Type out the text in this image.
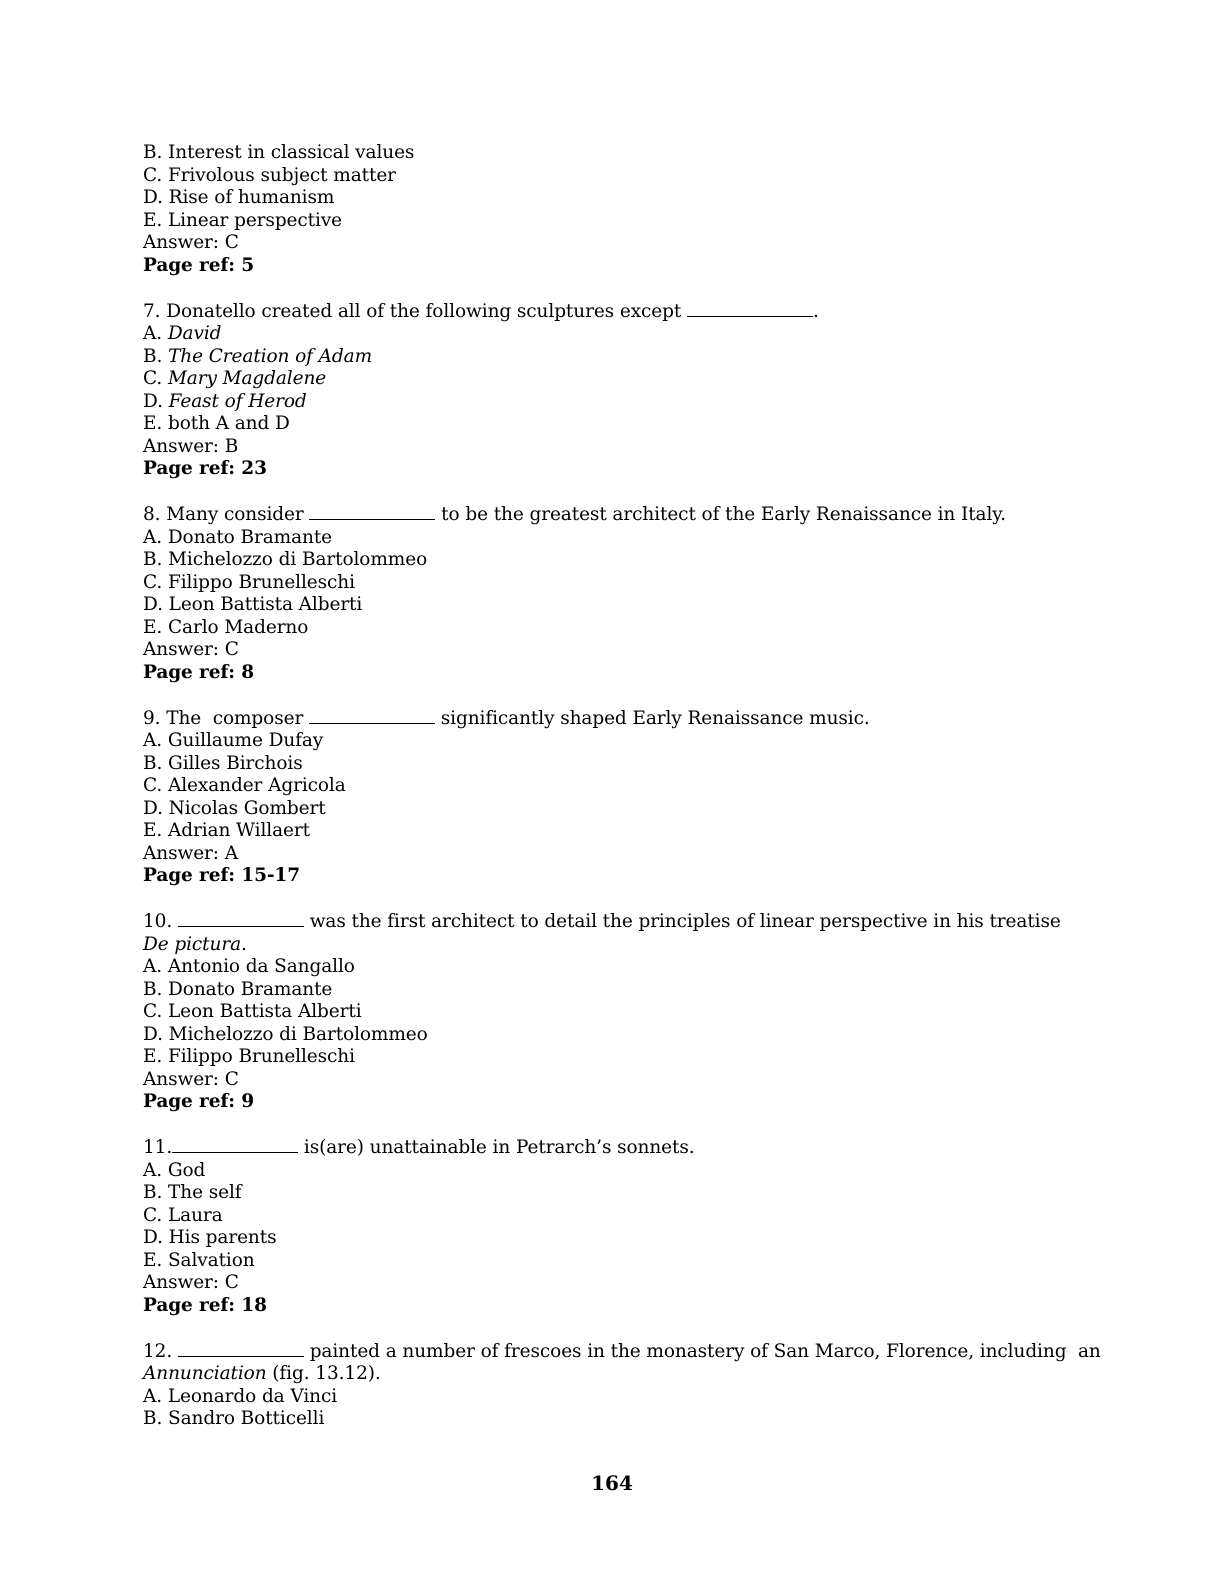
B. Interest in classical values
C. Frivolous subject matter
D. Rise of humanism
E. Linear perspective
Answer: C
Page ref: 5
7. Donatello created all of the following sculptures except	.
A. David
B. The Creation of Adam
C. Mary Magdalene
D. Feast of Herod
E. both A and D
Answer: B
Page ref: 23
8. Many consider	to be the greatest architect of the Early Renaissance in Italy.
A. Donato Bramante
B. Michelozzo di Bartolommeo
C. Filippo Brunelleschi
D. Leon Battista Alberti
E. Carlo Maderno
Answer: C
Page ref: 8
9. The  composer	significantly shaped Early Renaissance music.
A. Guillaume Dufay
B. Gilles Birchois
C. Alexander Agricola
D. Nicolas Gombert
E. Adrian Willaert
Answer: A
Page ref: 15-17
10.	was the first architect to detail the principles of linear perspective in his treatise
De pictura.
A. Antonio da Sangallo
B. Donato Bramante
C. Leon Battista Alberti
D. Michelozzo di Bartolommeo
E. Filippo Brunelleschi
Answer: C
Page ref: 9
11.	is(are) unattainable in Petrarch’s sonnets.
A. God
B. The self
C. Laura
D. His parents
E. Salvation
Answer: C
Page ref: 18
12.	painted a number of frescoes in the monastery of San Marco, Florence, including  an
Annunciation (fig. 13.12).
A. Leonardo da Vinci
B. Sandro Botticelli
164
